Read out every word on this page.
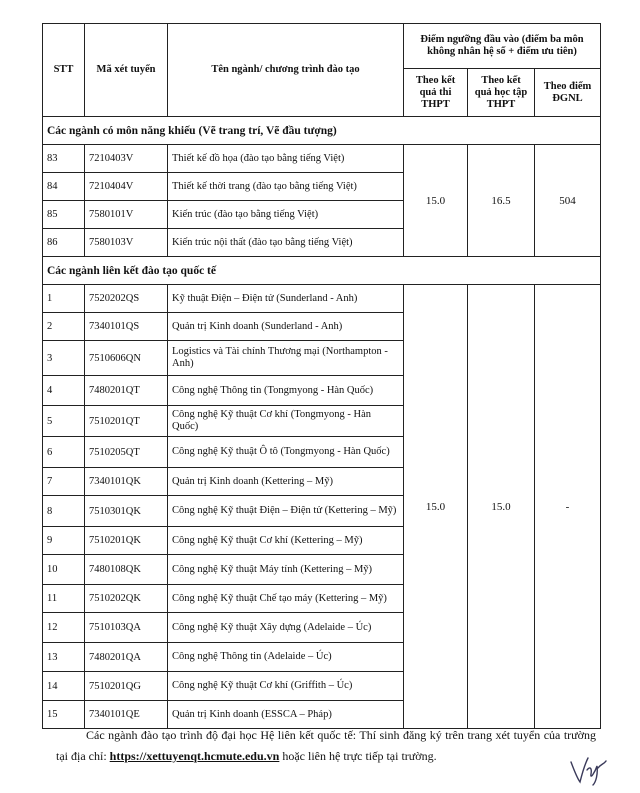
STT	Mã xét tuyển	Tên ngành/ chương trình đào tạo	Điểm ngưỡng đầu vào (điểm ba môn không nhân hệ số + điểm ưu tiên)		
			Theo kết quả thi THPT	Theo kết quả học tập THPT	Theo điểm ĐGNL
Các ngành có môn năng khiếu (Vẽ trang trí, Vẽ đầu tượng)					
83	7210403V	Thiết kế đồ họa (đào tạo bằng tiếng Việt)	15.0	16.5	504
84	7210404V	Thiết kế thời trang (đào tạo bằng tiếng Việt)			
85	7580101V	Kiến trúc (đào tạo bằng tiếng Việt)			
86	7580103V	Kiến trúc nội thất (đào tạo bằng tiếng Việt)			
Các ngành liên kết đào tạo quốc tế					
1	7520202QS	Kỹ thuật Điện – Điện tử (Sunderland - Anh)	15.0	15.0	-
2	7340101QS	Quản trị Kinh doanh (Sunderland - Anh)			
3	7510606QN	Logistics và Tài chính Thương mại (Northampton - Anh)			
4	7480201QT	Công nghệ Thông tin (Tongmyong - Hàn Quốc)			
5	7510201QT	Công nghệ Kỹ thuật Cơ khí (Tongmyong - Hàn Quốc)			
6	7510205QT	Công nghệ Kỹ thuật Ô tô (Tongmyong - Hàn Quốc)			
7	7340101QK	Quản trị Kinh doanh (Kettering – Mỹ)			
8	7510301QK	Công nghệ Kỹ thuật Điện – Điện tử (Kettering – Mỹ)			
9	7510201QK	Công nghệ Kỹ thuật Cơ khí (Kettering – Mỹ)			
10	7480108QK	Công nghệ Kỹ thuật Máy tính (Kettering – Mỹ)			
11	7510202QK	Công nghệ Kỹ thuật Chế tạo máy (Kettering – Mỹ)			
12	7510103QA	Công nghệ Kỹ thuật Xây dựng (Adelaide – Úc)			
13	7480201QA	Công nghệ Thông tin (Adelaide – Úc)			
14	7510201QG	Công nghệ Kỹ thuật Cơ khí (Griffith – Úc)			
15	7340101QE	Quản trị Kinh doanh (ESSCA – Pháp)			

Các ngành đào tạo trình độ đại học Hệ liên kết quốc tế: Thí sinh đăng ký trên trang xét tuyển của trường tại địa chỉ: https://xettuyenqt.hcmute.edu.vn hoặc liên hệ trực tiếp tại trường.
